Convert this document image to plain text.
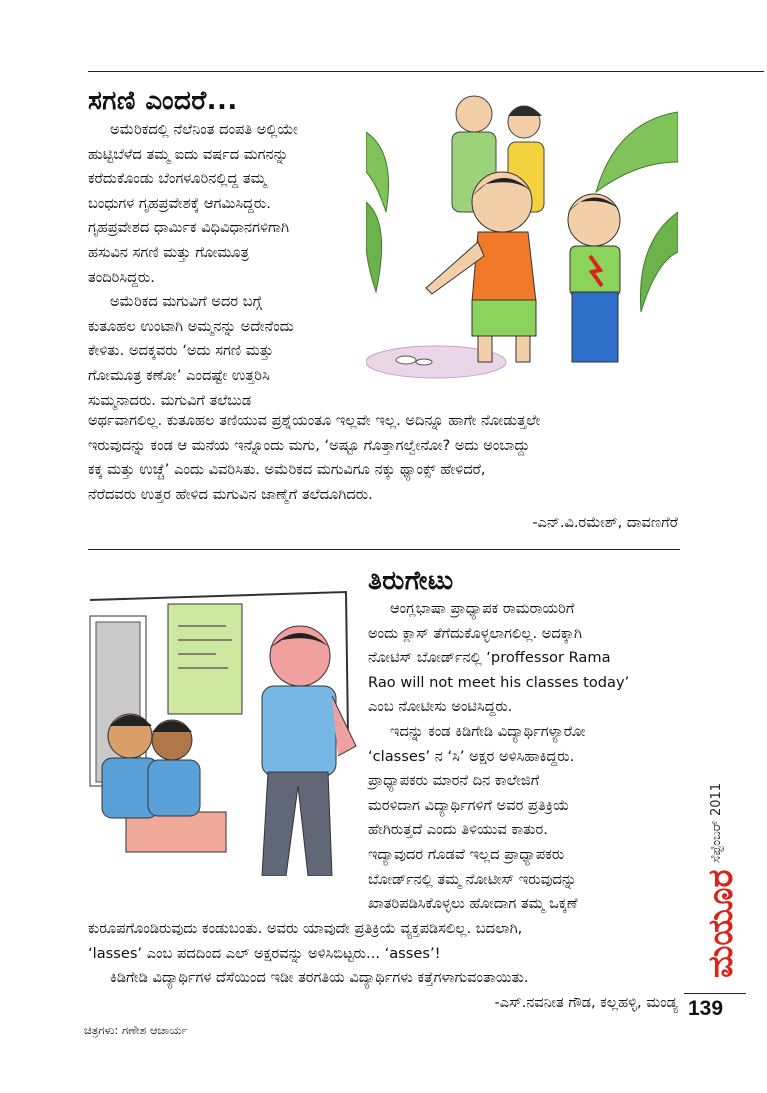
ಸಗಣಿ ಎಂದರೆ...

ಅಮೆರಿಕದಲ್ಲಿ ನೆಲೆನಿಂತ ದಂಪತಿ ಅಲ್ಲಿಯೇ

ಹುಟ್ಟಿಬೆಳೆದ ತಮ್ಮ ಐದು ವರ್ಷದ ಮಗನನ್ನು

ಕರೆದುಕೊಂಡು ಬೆಂಗಳೂರಿನಲ್ಲಿದ್ದ ತಮ್ಮ

ಬಂಧುಗಳ ಗೃಹಪ್ರವೇಶಕ್ಕೆ ಆಗಮಿಸಿದ್ದರು.

ಗೃಹಪ್ರವೇಶದ ಧಾರ್ಮಿಕ ವಿಧಿವಿಧಾನಗಳಿಗಾಗಿ

ಹಸುವಿನ ಸಗಣಿ ಮತ್ತು ಗೋಮೂತ್ರ

ತಂದಿರಿಸಿದ್ದರು.

ಅಮೆರಿಕದ ಮಗುವಿಗೆ ಅದರ ಬಗ್ಗೆ

ಕುತೂಹಲ ಉಂಟಾಗಿ ಅಮ್ಮನನ್ನು ಅದೇನೆಂದು

ಕೇಳಿತು. ಅದಕ್ಕವರು ‘ಅದು ಸಗಣಿ ಮತ್ತು

ಗೋಮೂತ್ರ ಕಣೋ’ ಎಂದಷ್ಟೇ ಉತ್ತರಿಸಿ

ಸುಮ್ಮನಾದರು. ಮಗುವಿಗೆ ತಲೆಬುಡ

ಅರ್ಥವಾಗಲಿಲ್ಲ. ಕುತೂಹಲ ತಣಿಯುವ ಪ್ರಶ್ನೆಯಂತೂ ಇಲ್ಲವೇ ಇಲ್ಲ. ಅದಿನ್ನೂ ಹಾಗೇ ನೋಡುತ್ತಲೇ

ಇರುವುದನ್ನು ಕಂಡ ಆ ಮನೆಯ ಇನ್ನೊಂದು ಮಗು, ‘ಅಷ್ಟೂ ಗೊತ್ತಾಗಲ್ವೇನೋ? ಅದು ಅಂಬಾದ್ದು

ಕಕ್ಕ ಮತ್ತು ಉಚ್ಚೆ’ ಎಂದು ವಿವರಿಸಿತು. ಅಮೆರಿಕದ ಮಗುವಿಗೂ ನಕ್ಕು ಥ್ಯಾಂಕ್ಸ್ ಹೇಳಿದರೆ,

ನೆರೆದವರು ಉತ್ತರ ಹೇಳಿದ ಮಗುವಿನ ಜಾಣ್ಮೆಗೆ ತಲೆದೂಗಿದರು.

-ಎನ್.ವಿ.ರಮೇಶ್, ದಾವಣಗೆರೆ
ತಿರುಗೇಟು

ಆಂಗ್ಲಭಾಷಾ ಪ್ರಾಧ್ಯಾಪಕ ರಾಮರಾಯರಿಗೆ

ಅಂದು ಕ್ಲಾಸ್ ತೆಗೆದುಕೊಳ್ಳಲಾಗಲಿಲ್ಲ. ಅದಕ್ಕಾಗಿ

ನೋಟಿಸ್ ಬೋರ್ಡ್‌ನಲ್ಲಿ ‘proffessor Rama

Rao will not meet his classes today’

ಎಂಬ ನೋಟೀಸು ಅಂಟಿಸಿದ್ದರು.

ಇದನ್ನು ಕಂಡ ಕಿಡಿಗೇಡಿ ವಿದ್ಯಾರ್ಥಿಗಳ್ಯಾರೋ

‘classes’ ನ ‘ಸಿ’ ಅಕ್ಷರ ಅಳಿಸಿಹಾಕಿದ್ದರು.

ಪ್ರಾಧ್ಯಾಪಕರು ಮಾರನೆ ದಿನ ಕಾಲೇಜಿಗೆ

ಮರಳಿದಾಗ ವಿದ್ಯಾರ್ಥಿಗಳಿಗೆ ಅವರ ಪ್ರತಿಕ್ರಿಯೆ

ಹೇಗಿರುತ್ತದೆ ಎಂದು ತಿಳಿಯುವ ಕಾತುರ.

ಇದ್ಯಾವುದರ ಗೊಡವೆ ಇಲ್ಲದ ಪ್ರಾಧ್ಯಾಪಕರು

ಬೋರ್ಡ್‌ನಲ್ಲಿ ತಮ್ಮ ನೋಟೀಸ್ ಇರುವುದನ್ನು

ಖಾತರಿಪಡಿಸಿಕೊಳ್ಳಲು ಹೋದಾಗ ತಮ್ಮ ಒಕ್ಕಣೆ

ಕುರೂಪಗೊಂಡಿರುವುದು ಕಂಡುಬಂತು. ಅವರು ಯಾವುದೇ ಪ್ರತಿಕ್ರಿಯೆ ವ್ಯಕ್ತಪಡಿಸಲಿಲ್ಲ. ಬದಲಾಗಿ,

‘lasses’ ಎಂಬ ಪದದಿಂದ ಎಲ್ ಅಕ್ಷರವನ್ನು ಅಳಿಸಿಬಿಟ್ಟರು... ‘asses’!

ಕಿಡಿಗೇಡಿ ವಿದ್ಯಾರ್ಥಿಗಳ ದೆಸೆಯಿಂದ ಇಡೀ ತರಗತಿಯ ವಿದ್ಯಾರ್ಥಿಗಳು ಕತ್ತೆಗಳಾಗುವಂತಾಯಿತು.

-ಎಸ್.ನವನೀತ ಗೌಡ, ಕಲ್ಲಹಳ್ಳಿ, ಮಂಡ್ಯ
ಸೆಪ್ಟೆಂಬರ್ 2011
ಮಯೂರ
139
ಚಿತ್ರಗಳು: ಗಣೇಶ ಆಚಾರ್ಯ
